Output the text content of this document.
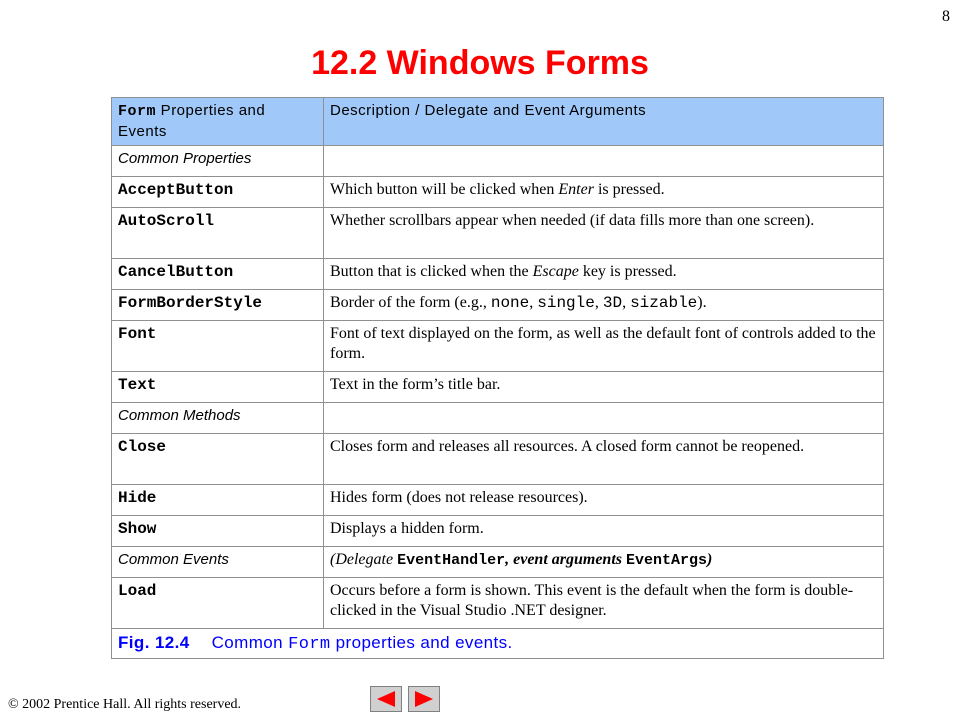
8
12.2 Windows Forms
Form Properties and Events	Description / Delegate and Event Arguments
Common Properties	
AcceptButton	Which button will be clicked when Enter is pressed.
AutoScroll	Whether scrollbars appear when needed (if data fills more than one screen).
CancelButton	Button that is clicked when the Escape key is pressed.
FormBorderStyle	Border of the form (e.g., none, single, 3D, sizable).
Font	Font of text displayed on the form, as well as the default font of controls added to the form.
Text	Text in the form’s title bar.
Common Methods	
Close	Closes form and releases all resources. A closed form cannot be reopened.
Hide	Hides form (does not release resources).
Show	Displays a hidden form.
Common Events	(Delegate EventHandler, event arguments EventArgs)
Load	Occurs before a form is shown. This event is the default when the form is double-clicked in the Visual Studio .NET designer.
Fig. 12.4 Common Form properties and events.	
© 2002 Prentice Hall. All rights reserved.
